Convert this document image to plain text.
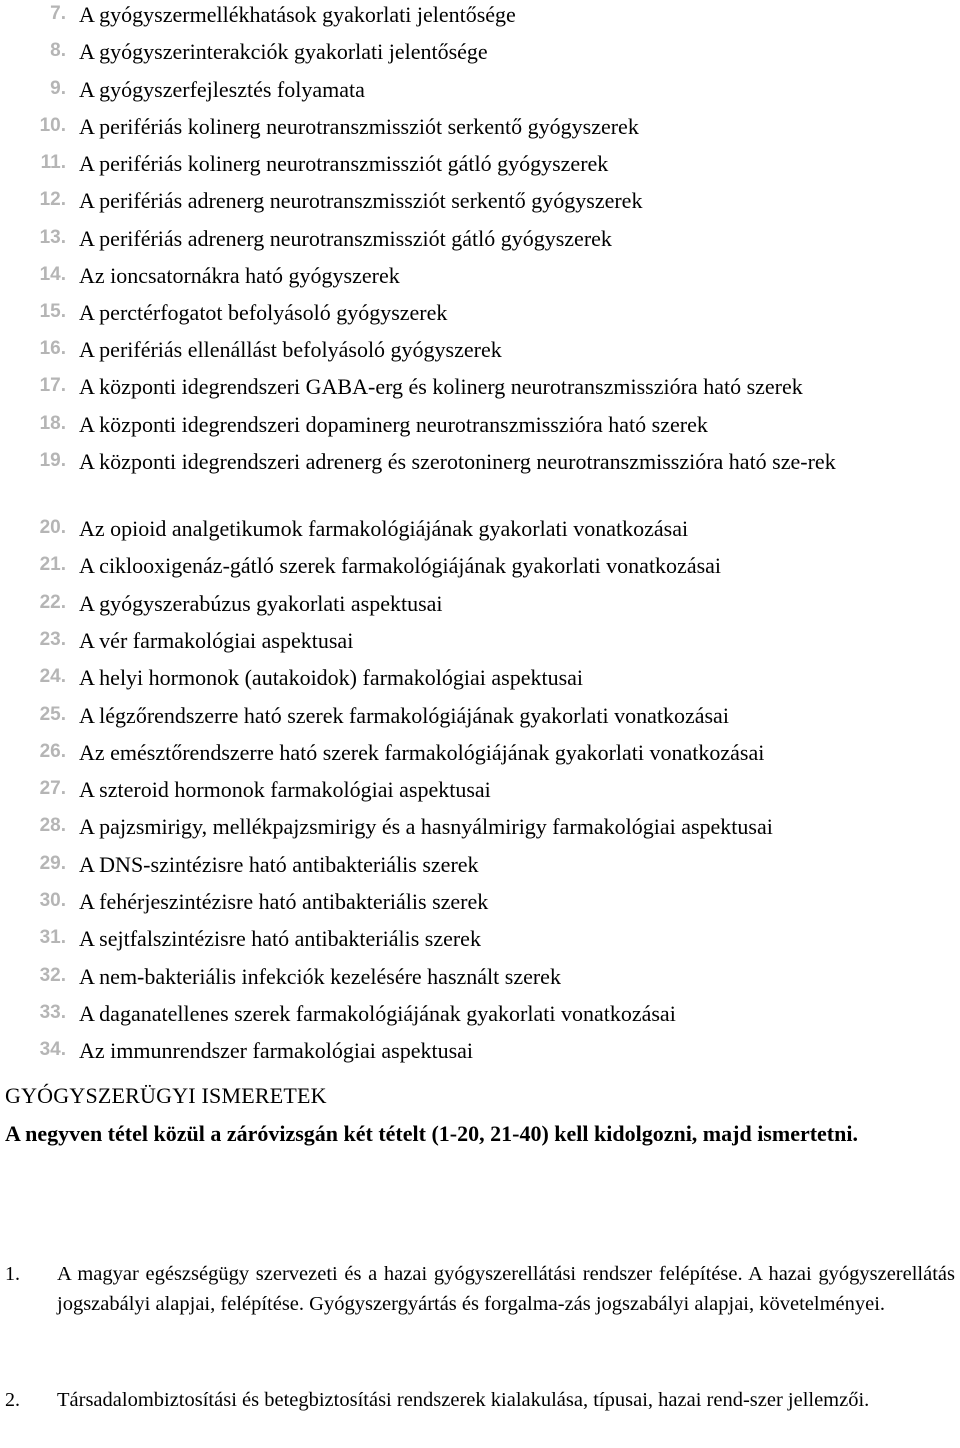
7. A gyógyszermellékhatások gyakorlati jelentősége
8. A gyógyszerinterakciók gyakorlati jelentősége
9. A gyógyszerfejlesztés folyamata
10. A perifériás kolinerg neurotranszmissziót serkentő gyógyszerek
11. A perifériás kolinerg neurotranszmissziót gátló gyógyszerek
12. A perifériás adrenerg neurotranszmissziót serkentő gyógyszerek
13. A perifériás adrenerg neurotranszmissziót gátló gyógyszerek
14. Az ioncsatornákra ható gyógyszerek
15. A perctérfogatot befolyásoló gyógyszerek
16. A perifériás ellenállást befolyásoló gyógyszerek
17. A központi idegrendszeri GABA-erg és kolinerg neurotranszmisszióra ható szerek
18. A központi idegrendszeri dopaminerg neurotranszmisszióra ható szerek
19. A központi idegrendszeri adrenerg és szerotoninerg neurotranszmisszióra ható sze-rek
20. Az opioid analgetikumok farmakológiájának gyakorlati vonatkozásai
21. A ciklooxigenáz-gátló szerek farmakológiájának gyakorlati vonatkozásai
22. A gyógyszerabúzus gyakorlati aspektusai
23. A vér farmakológiai aspektusai
24. A helyi hormonok (autakoidok) farmakológiai aspektusai
25. A légzőrendszerre ható szerek farmakológiájának gyakorlati vonatkozásai
26. Az emésztőrendszerre ható szerek farmakológiájának gyakorlati vonatkozásai
27. A szteroid hormonok farmakológiai aspektusai
28. A pajzsmirigy, mellékpajzsmirigy és a hasnyálmirigy farmakológiai aspektusai
29. A DNS-szintézisre ható antibakteriális szerek
30. A fehérjeszintézisre ható antibakteriális szerek
31. A sejtfalszintézisre ható antibakteriális szerek
32. A nem-bakteriális infekciók kezelésére használt szerek
33. A daganatellenes szerek farmakológiájának gyakorlati vonatkozásai
34. Az immunrendszer farmakológiai aspektusai
GYÓGYSZERÜGYI ISMERETEK

A negyven tétel közül a záróvizsgán két tételt (1-20, 21-40) kell kidolgozni, majd ismertetni.

1. A magyar egészségügy szervezeti és a hazai gyógyszerellátási rendszer felépítése. A hazai gyógyszerellátás jogszabályi alapjai, felépítése. Gyógyszergyártás és forgalma-zás jogszabályi alapjai, követelményei.

2. Társadalombiztosítási és betegbiztosítási rendszerek kialakulása, típusai, hazai rend-szer jellemzői.
